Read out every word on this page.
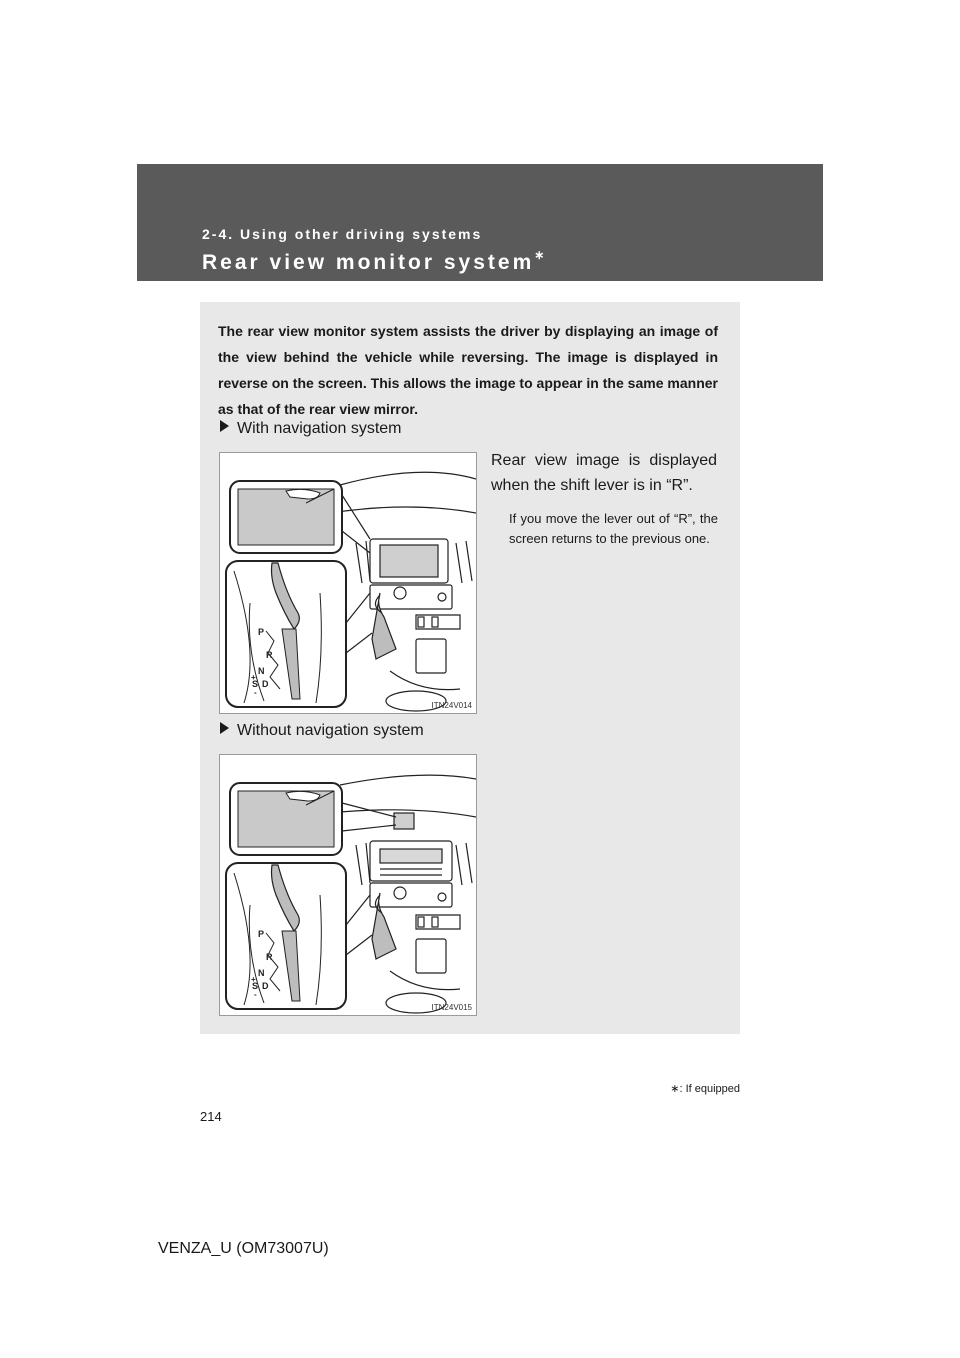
2-4. Using other driving systems
Rear view monitor system∗
The rear view monitor system assists the driver by displaying an image of the view behind the vehicle while reversing. The image is displayed in reverse on the screen. This allows the image to appear in the same manner as that of the rear view mirror.
With navigation system
P
R
N
+
S D
-
ITN24V014
Rear view image is displayed when the shift lever is in “R”.
If you move the lever out of “R”, the screen returns to the previous one.
Without navigation system
P
R
N
+
S D
-
ITN24V015
∗: If equipped
214
VENZA_U (OM73007U)
